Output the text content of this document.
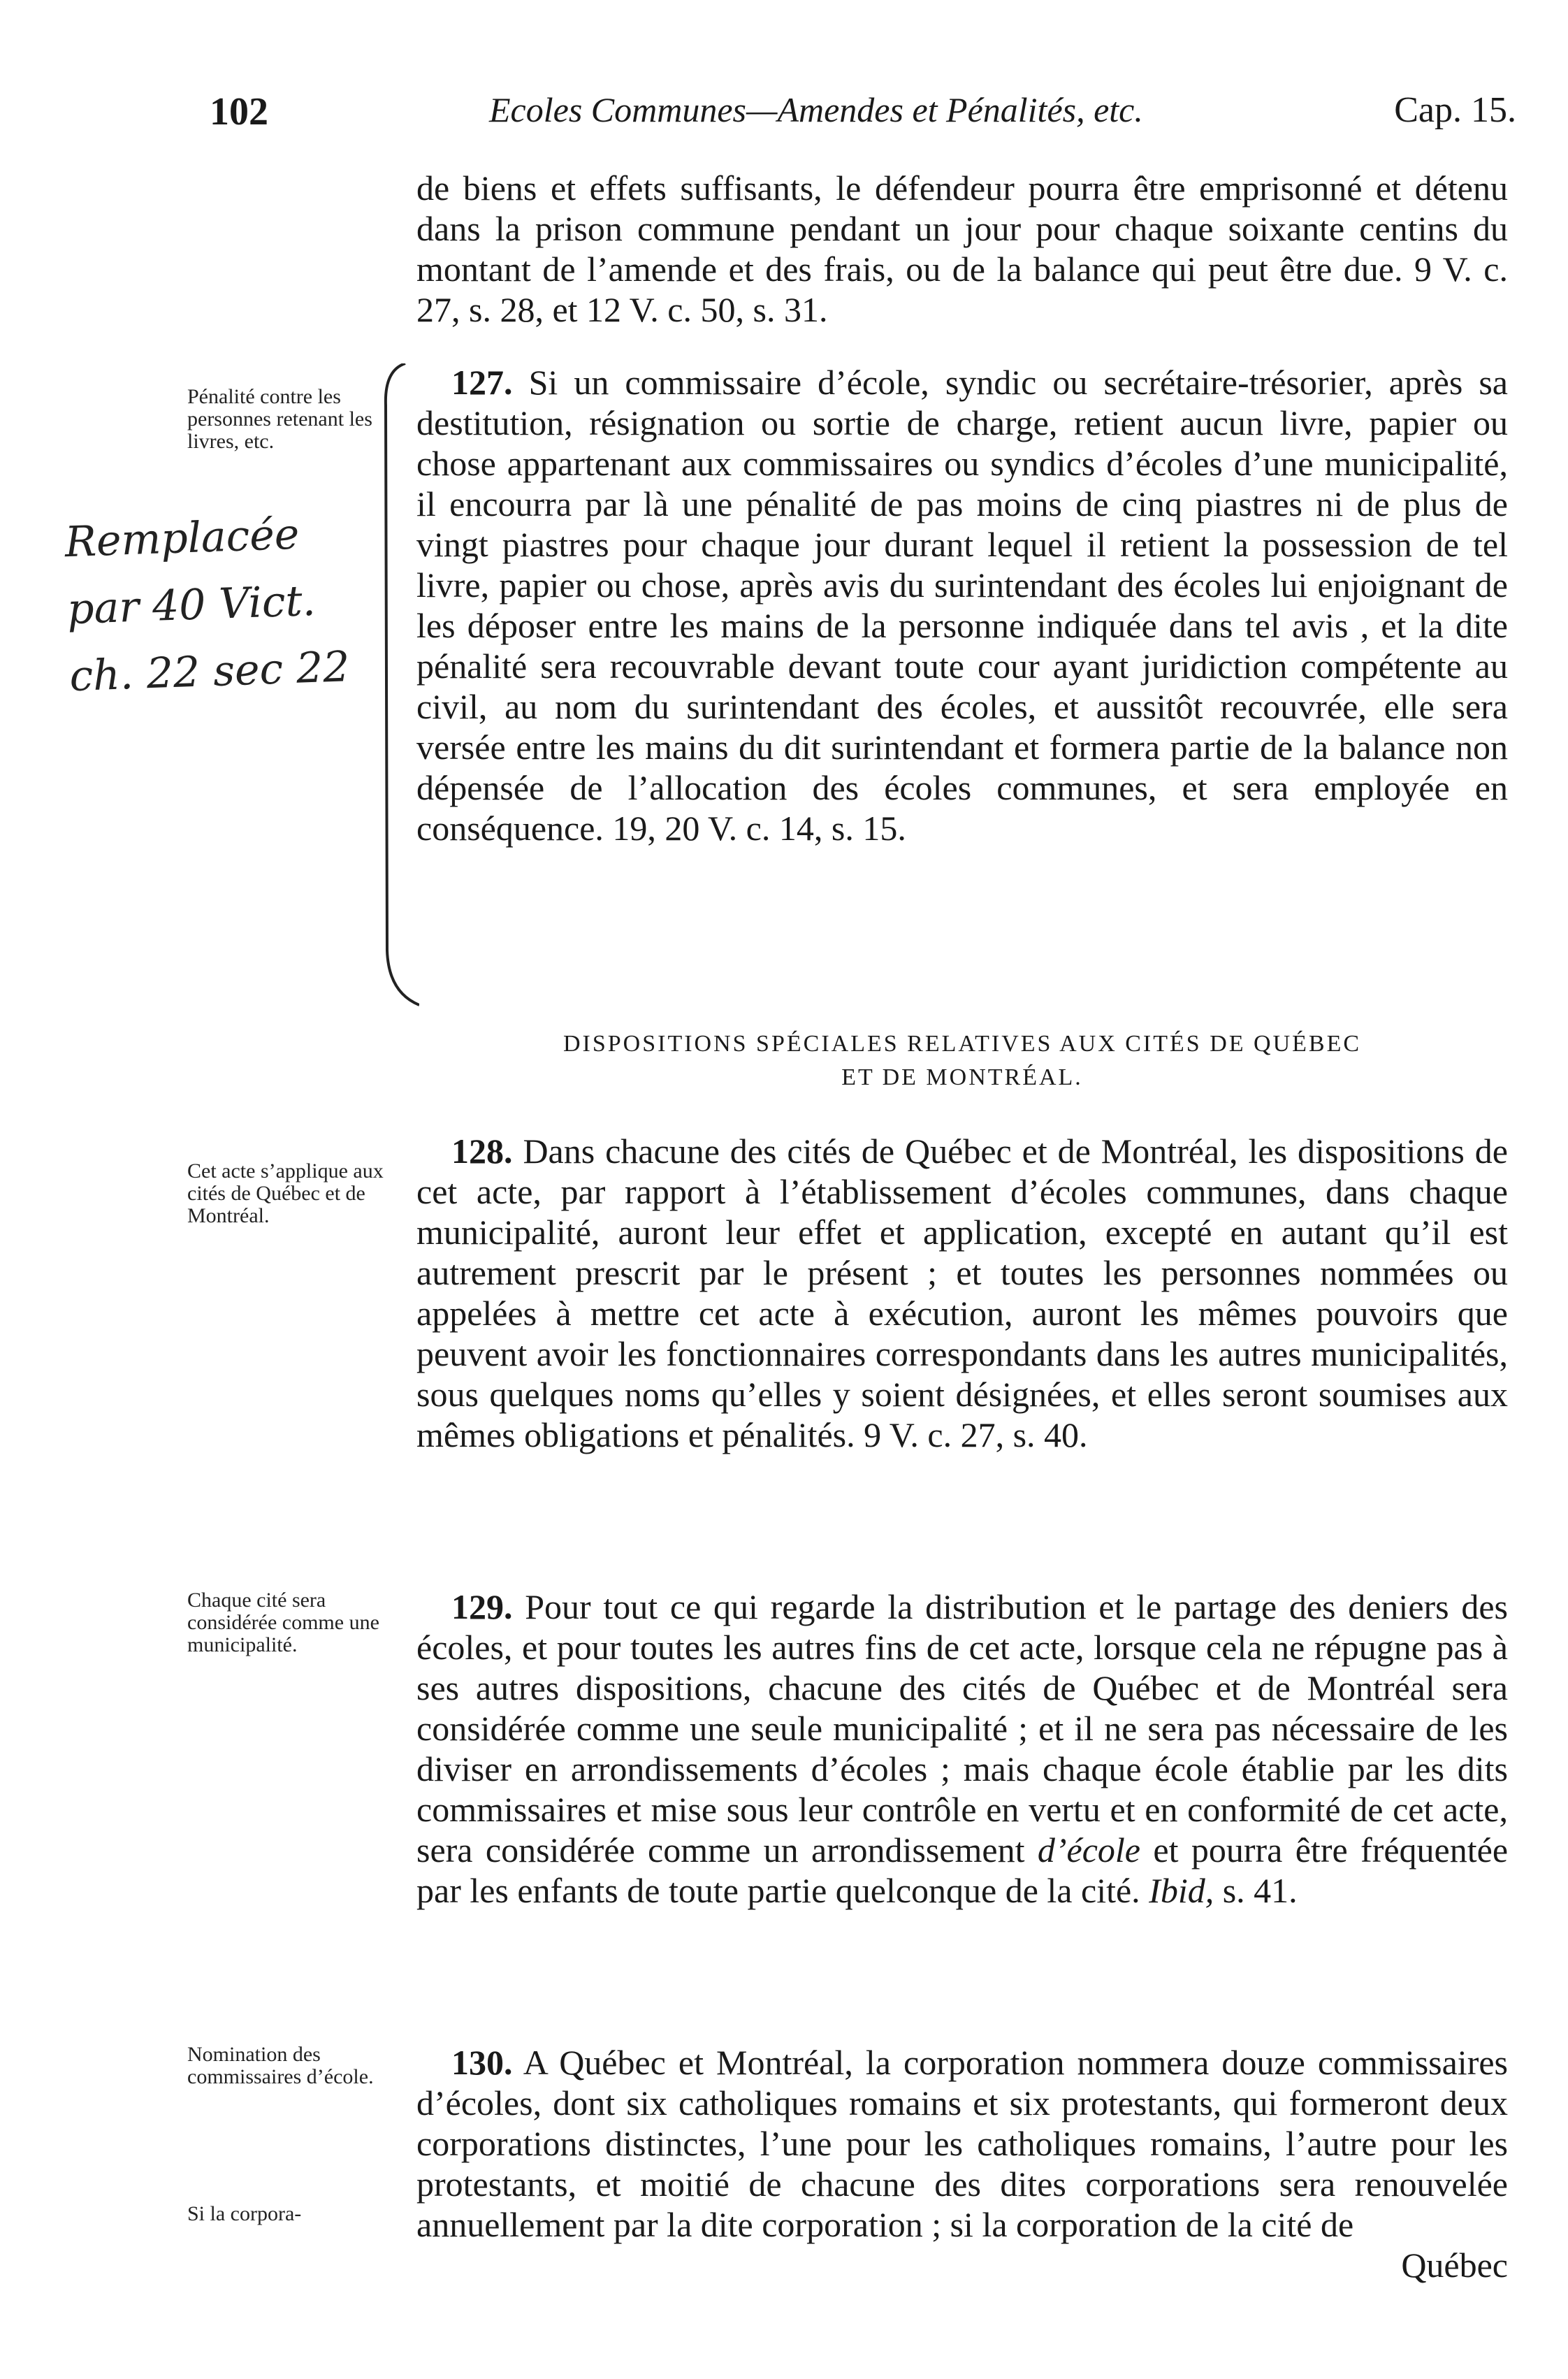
102	Ecoles Communes—Amendes et Pénalités, etc.	Cap. 15.
de biens et effets suffisants, le défendeur pourra être emprisonné et détenu dans la prison commune pendant un jour pour chaque soixante centins du montant de l’amende et des frais, ou de la balance qui peut être due. 9 V. c. 27, s. 28, et 12 V. c. 50, s. 31.
Pénalité contre les personnes retenant les livres, etc.
 127. Si un commissaire d’école, syndic ou secrétaire-trésorier, après sa destitution, résignation ou sortie de charge, retient aucun livre, papier ou chose appartenant aux commissaires ou syndics d’écoles d’une municipalité, il encourra par là une pénalité de pas moins de cinq piastres ni de plus de vingt piastres pour chaque jour durant lequel il retient la possession de tel livre, papier ou chose, après avis du surintendant des écoles lui enjoignant de les déposer entre les mains de la personne indiquée dans tel avis , et la dite pénalité sera recouvrable devant toute cour ayant juridiction compétente au civil, au nom du surintendant des écoles, et aussitôt recouvrée, elle sera versée entre les mains du dit surintendant et formera partie de la balance non dépensée de l’allocation des écoles communes, et sera employée en conséquence. 19, 20 V. c. 14, s. 15.
Remplacée
par 40 Vict.
ch. 22 sec 22
DISPOSITIONS SPÉCIALES RELATIVES AUX CITÉS DE QUÉBEC
ET DE MONTRÉAL.
Cet acte s’applique aux cités de Québec et de Montréal.
 128. Dans chacune des cités de Québec et de Montréal, les dispositions de cet acte, par rapport à l’établissement d’écoles communes, dans chaque municipalité, auront leur effet et application, excepté en autant qu’il est autrement prescrit par le présent ; et toutes les personnes nommées ou appelées à mettre cet acte à exécution, auront les mêmes pouvoirs que peuvent avoir les fonctionnaires correspondants dans les autres municipalités, sous quelques noms qu’elles y soient désignées, et elles seront soumises aux mêmes obligations et pénalités. 9 V. c. 27, s. 40.
Chaque cité sera considérée comme une municipalité.
 129. Pour tout ce qui regarde la distribution et le partage des deniers des écoles, et pour toutes les autres fins de cet acte, lorsque cela ne répugne pas à ses autres dispositions, chacune des cités de Québec et de Montréal sera considérée comme une seule municipalité ; et il ne sera pas nécessaire de les diviser en arrondissements d’écoles ; mais chaque école établie par les dits commissaires et mise sous leur contrôle en vertu et en conformité de cet acte, sera considérée comme un arrondissement d’école et pourra être fréquentée par les enfants de toute partie quelconque de la cité. Ibid, s. 41.
Nomination des commissaires d’école.
Si la corpora-
 130. A Québec et Montréal, la corporation nommera douze commissaires d’écoles, dont six catholiques romains et six protestants, qui formeront deux corporations distinctes, l’une pour les catholiques romains, l’autre pour les protestants, et moitié de chacune des dites corporations sera renouvelée annuellement par la dite corporation ; si la corporation de la cité de
Québec
